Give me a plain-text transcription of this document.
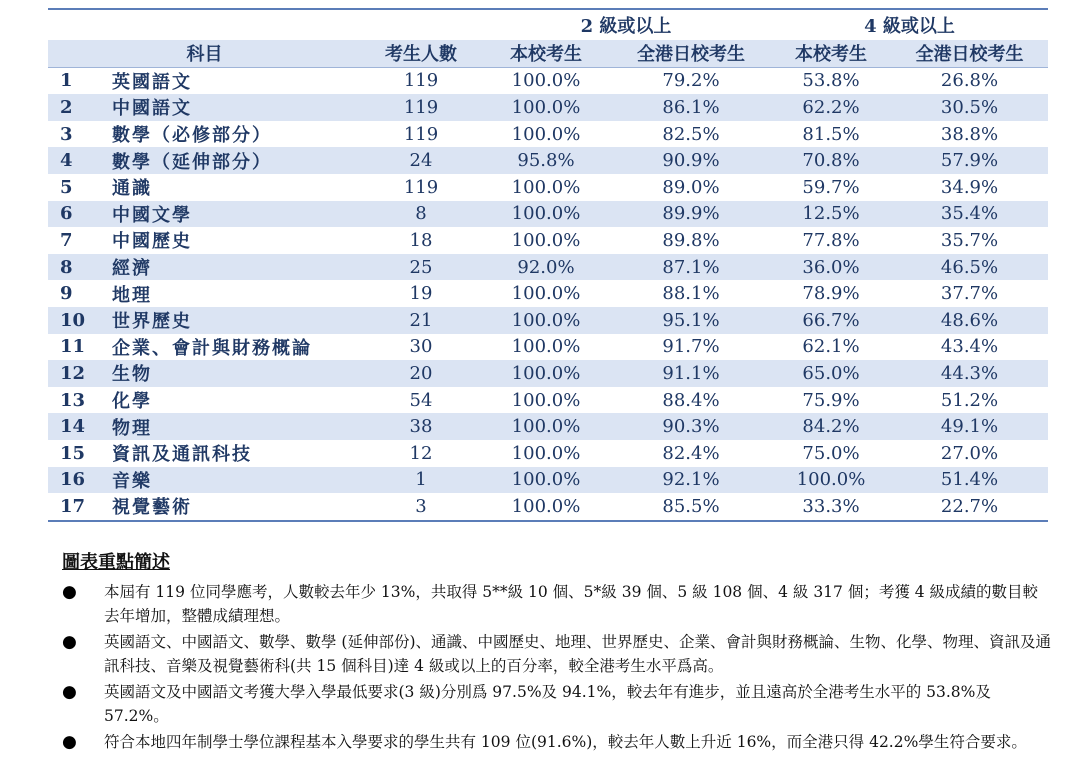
			2 級或以上		4 級或以上	
科目		考生人數	本校考生	全港日校考生	本校考生	全港日校考生
1	英國語文	119	100.0%	79.2%	53.8%	26.8%
2	中國語文	119	100.0%	86.1%	62.2%	30.5%
3	數學（必修部分）	119	100.0%	82.5%	81.5%	38.8%
4	數學（延伸部分）	24	95.8%	90.9%	70.8%	57.9%
5	通識	119	100.0%	89.0%	59.7%	34.9%
6	中國文學	8	100.0%	89.9%	12.5%	35.4%
7	中國歷史	18	100.0%	89.8%	77.8%	35.7%
8	經濟	25	92.0%	87.1%	36.0%	46.5%
9	地理	19	100.0%	88.1%	78.9%	37.7%
10	世界歷史	21	100.0%	95.1%	66.7%	48.6%
11	企業、會計與財務概論	30	100.0%	91.7%	62.1%	43.4%
12	生物	20	100.0%	91.1%	65.0%	44.3%
13	化學	54	100.0%	88.4%	75.9%	51.2%
14	物理	38	100.0%	90.3%	84.2%	49.1%
15	資訊及通訊科技	12	100.0%	82.4%	75.0%	27.0%
16	音樂	1	100.0%	92.1%	100.0%	51.4%
17	視覺藝術	3	100.0%	85.5%	33.3%	22.7%
圖表重點簡述
●	本屆有 119 位同學應考，人數較去年少 13%，共取得 5**級 10 個、5*級 39 個、5 級 108 個、4 級 317 個；考獲 4 級成績的數目較去年增加，整體成績理想。
●	英國語文、中國語文、數學、數學 (延伸部份)、通識、中國歷史、地理、世界歷史、企業、會計與財務概論、生物、化學、物理、資訊及通訊科技、音樂及視覺藝術科(共 15 個科目)達 4 級或以上的百分率，較全港考生水平爲高。
●	英國語文及中國語文考獲大學入學最低要求(3 級)分別爲 97.5%及 94.1%，較去年有進步，並且遠高於全港考生水平的 53.8%及 57.2%。
●	符合本地四年制學士學位課程基本入學要求的學生共有 109 位(91.6%)，較去年人數上升近 16%，而全港只得 42.2%學生符合要求。
